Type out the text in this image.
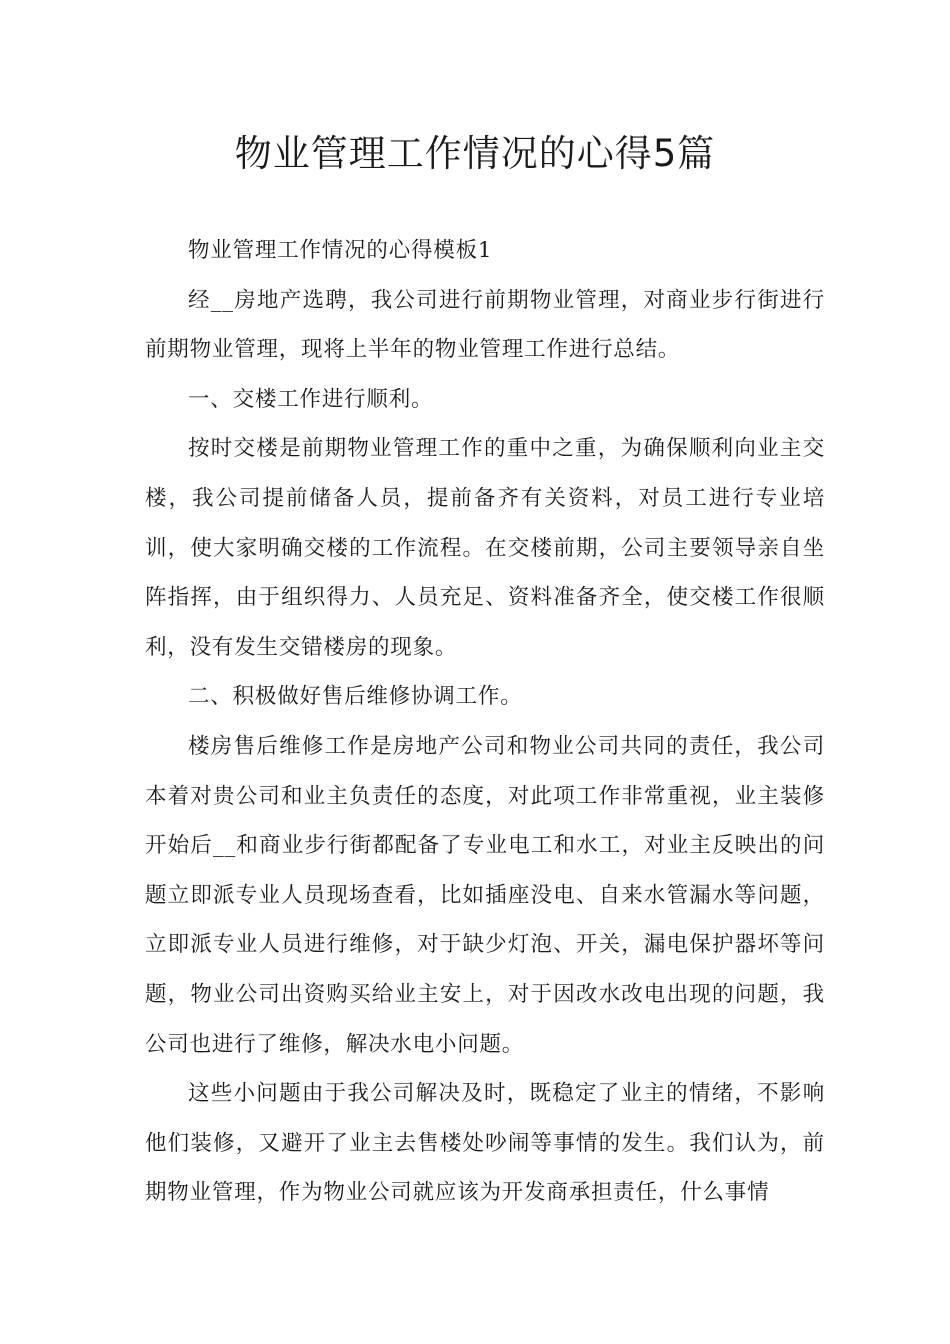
物业管理工作情况的心得5篇

物业管理工作情况的心得模板1

经__房地产选聘，我公司进行前期物业管理，对商业步行街进行前期物业管理，现将上半年的物业管理工作进行总结。

一、交楼工作进行顺利。

按时交楼是前期物业管理工作的重中之重，为确保顺利向业主交楼，我公司提前储备人员，提前备齐有关资料，对员工进行专业培训，使大家明确交楼的工作流程。在交楼前期，公司主要领导亲自坐阵指挥，由于组织得力、人员充足、资料准备齐全，使交楼工作很顺利，没有发生交错楼房的现象。

二、积极做好售后维修协调工作。

楼房售后维修工作是房地产公司和物业公司共同的责任，我公司本着对贵公司和业主负责任的态度，对此项工作非常重视，业主装修开始后__和商业步行街都配备了专业电工和水工，对业主反映出的问题立即派专业人员现场查看，比如插座没电、自来水管漏水等问题，立即派专业人员进行维修，对于缺少灯泡、开关，漏电保护器坏等问题，物业公司出资购买给业主安上，对于因改水改电出现的问题，我公司也进行了维修，解决水电小问题。

这些小问题由于我公司解决及时，既稳定了业主的情绪，不影响他们装修，又避开了业主去售楼处吵闹等事情的发生。我们认为，前期物业管理，作为物业公司就应该为开发商承担责任，什么事情
